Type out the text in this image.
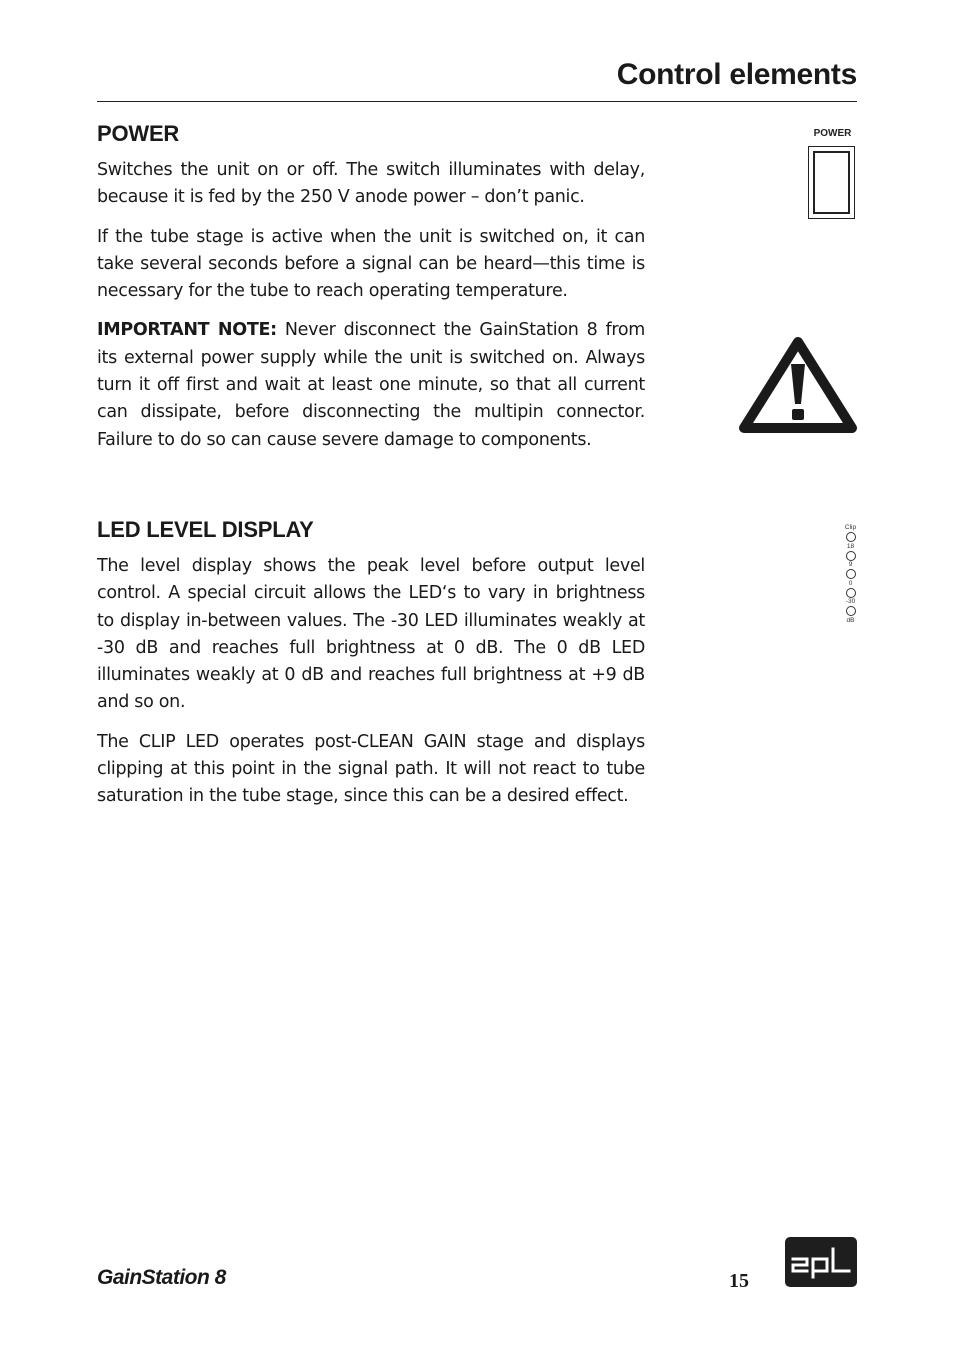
Control elements
POWER

Switches the unit on or off. The switch illuminates with delay, because it is fed by the 250 V anode power – don’t panic.

If the tube stage is active when the unit is switched on, it can take several seconds before a signal can be heard—this time is necessary for the tube to reach operating temperature.

IMPORTANT NOTE: Never disconnect the GainStation 8 from its external power supply while the unit is switched on. Always turn it off first and wait at least one minute, so that all current can dissipate, before disconnecting the multipin connector. Failure to do so can cause severe damage to components.

POWER
LED LEVEL DISPLAY

The level display shows the peak level before output level control. A special circuit allows the LED‘s to vary in brightness to display in-between values. The -30 LED illuminates weakly at -30 dB and reaches full brightness at 0 dB. The 0 dB LED illuminates weakly at 0 dB and reaches full brightness at +9 dB and so on.

The CLIP LED operates post-CLEAN GAIN stage and displays clipping at this point in the signal path. It will not react to tube saturation in the tube stage, since this can be a desired effect.

Clip
18
9
0
-30
dB
GainStation 8	15
